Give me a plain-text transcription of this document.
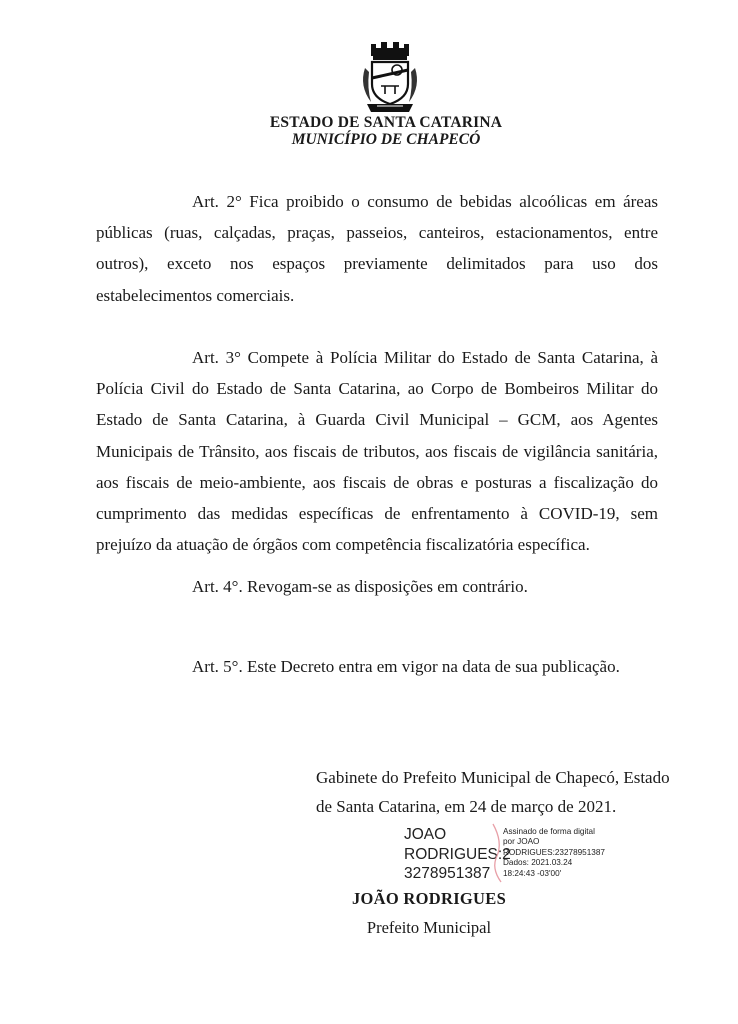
ESTADO DE SANTA CATARINA
MUNICÍPIO DE CHAPECÓ
Art. 2° Fica proibido o consumo de bebidas alcoólicas em áreas públicas (ruas, calçadas, praças, passeios, canteiros, estacionamentos, entre outros), exceto nos espaços previamente delimitados para uso dos estabelecimentos comerciais.
Art. 3° Compete à Polícia Militar do Estado de Santa Catarina, à Polícia Civil do Estado de Santa Catarina, ao Corpo de Bombeiros Militar do Estado de Santa Catarina, à Guarda Civil Municipal – GCM, aos Agentes Municipais de Trânsito, aos fiscais de tributos, aos fiscais de vigilância sanitária, aos fiscais de meio-ambiente, aos fiscais de obras e posturas a fiscalização do cumprimento das medidas específicas de enfrentamento à COVID-19, sem prejuízo da atuação de órgãos com competência fiscalizatória específica.
Art. 4°. Revogam-se as disposições em contrário.
Art. 5°. Este Decreto entra em vigor na data de sua publicação.
Gabinete do Prefeito Municipal de Chapecó, Estado
de Santa Catarina, em 24 de março de 2021.
JOAO
RODRIGUES:2
3278951387
Assinado de forma digital
por JOAO
RODRIGUES:23278951387
Dados: 2021.03.24
18:24:43 -03'00'
JOÃO RODRIGUES
Prefeito Municipal
